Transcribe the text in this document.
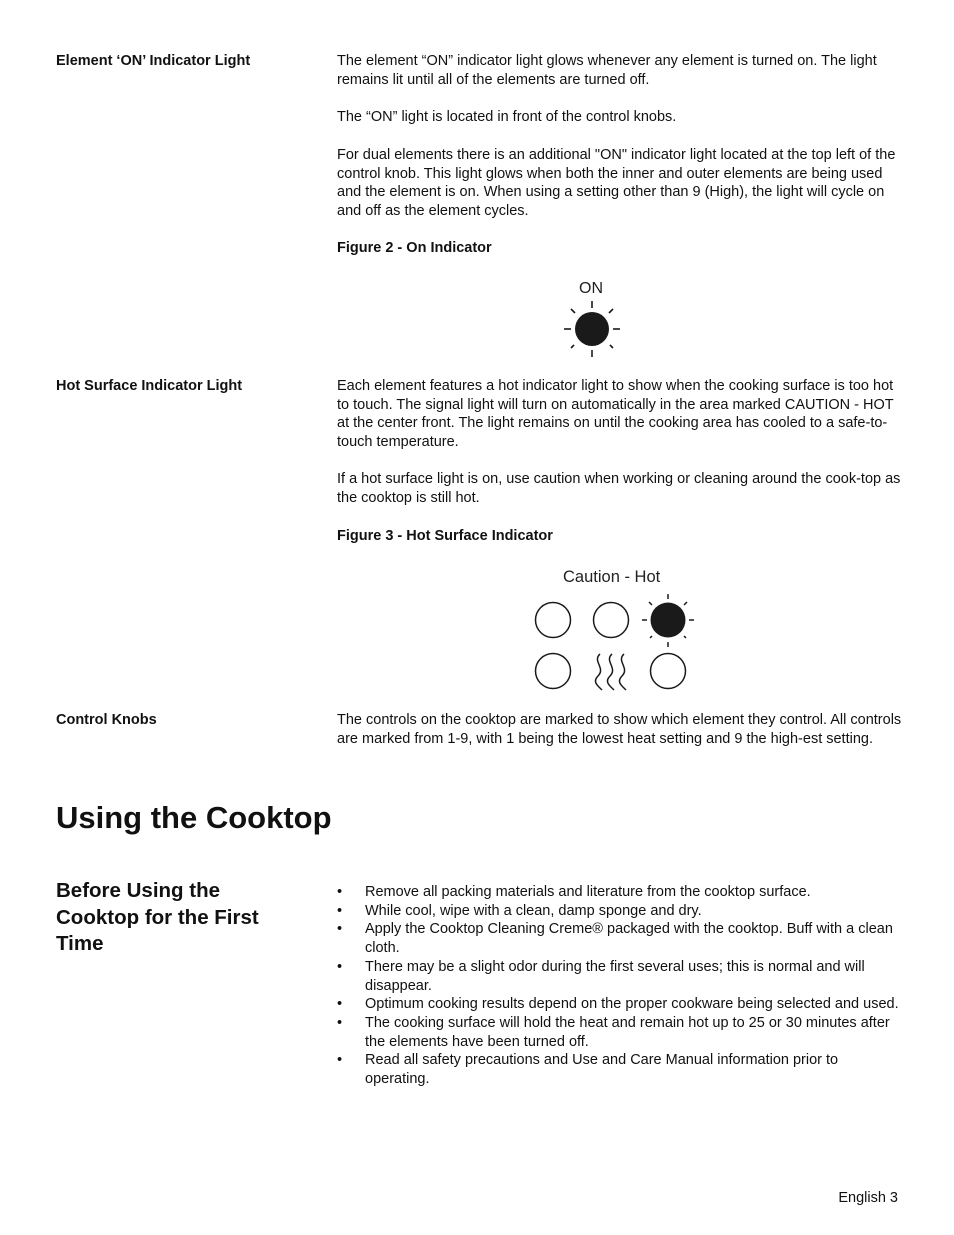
Element ‘ON’ Indicator Light	The element “ON” indicator light glows whenever any element is turned on. The light remains lit until all of the elements are turned off.

The “ON” light is located in front of the control knobs.

For dual elements there is an additional "ON" indicator light located at the top left of the control knob. This light glows when both the inner and outer elements are being used and the element is on. When using a setting other than 9 (High), the light will cycle on and off as the element cycles.

Figure 2 - On Indicator
ON
Hot Surface Indicator Light	Each element features a hot indicator light to show when the cooking surface is too hot to touch. The signal light will turn on automatically in the area marked CAUTION - HOT at the center front. The light remains on until the cooking area has cooled to a safe-to-touch temperature.

If a hot surface light is on, use caution when working or cleaning around the cook-top as the cooktop is still hot.

Figure 3 - Hot Surface Indicator
Caution - Hot
Control Knobs	The controls on the cooktop are marked to show which element they control. All controls are marked from 1-9, with 1 being the lowest heat setting and 9 the high-est setting.

Using the Cooktop
Before Using the Cooktop for the First Time
• Remove all packing materials and literature from the cooktop surface.
• While cool, wipe with a clean, damp sponge and dry.
• Apply the Cooktop Cleaning Creme® packaged with the cooktop. Buff with a clean cloth.
• There may be a slight odor during the first several uses; this is normal and will disappear.
• Optimum cooking results depend on the proper cookware being selected and used.
• The cooking surface will hold the heat and remain hot up to 25 or 30 minutes after the elements have been turned off.
• Read all safety precautions and Use and Care Manual information prior to operating.
English 3
